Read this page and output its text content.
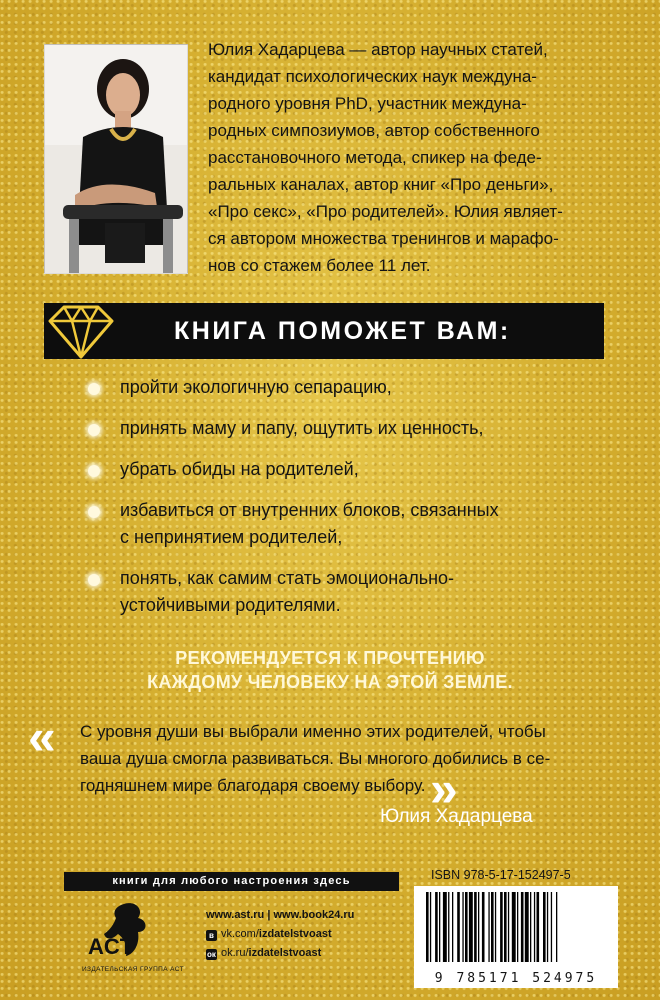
Юлия Хадарцева — автор научных статей,
кандидат психологических наук междуна-
родного уровня PhD, участник междуна-
родных симпозиумов, автор собственного
расстановочного метода, спикер на феде-
ральных каналах, автор книг «Про деньги»,
«Про секс», «Про родителей». Юлия являет-
ся автором множества тренингов и марафо-
нов со стажем более 11 лет.
КНИГА ПОМОЖЕТ ВАМ:
пройти экологичную сепарацию,
принять маму и папу, ощутить их ценность,
убрать обиды на родителей,
избавиться от внутренних блоков, связанных
с непринятием родителей,
понять, как самим стать эмоционально-
устойчивыми родителями.
РЕКОМЕНДУЕТСЯ К ПРОЧТЕНИЮ
КАЖДОМУ ЧЕЛОВЕКУ НА ЭТОЙ ЗЕМЛЕ.
« С уровня души вы выбрали именно этих родителей, чтобы
ваша душа смогла развиваться. Вы многого добились в се-
годняшнем мире благодаря своему выбору. »
Юлия Хадарцева
книги для любого настроения здесь
ACT
ИЗДАТЕЛЬСКАЯ ГРУППА АСТ
www.ast.ru | www.book24.ru
в vk.com/izdatelstvoast
ок ok.ru/izdatelstvoast
ISBN 978-5-17-152497-5
9 785171 524975
